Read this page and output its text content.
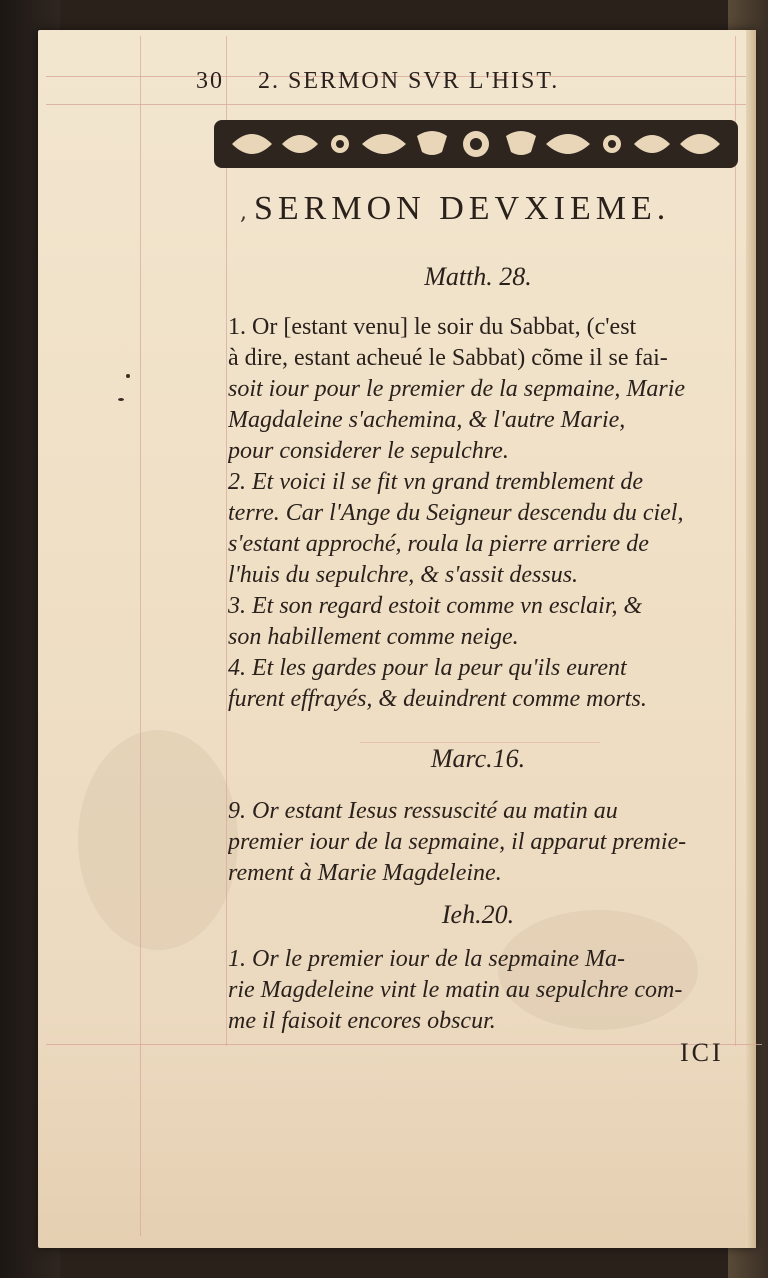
30 2. SERMON SVR L'HIST.
, SERMON DEVXIEME.
Matth. 28.
1. Or [estant venu] le soir du Sabbat, (c'est
à dire, estant acheué le Sabbat) cõme il se fai-
soit iour pour le premier de la sepmaine, Marie
Magdaleine s'achemina, & l'autre Marie,
pour considerer le sepulchre.
2. Et voici il se fit vn grand tremblement de
terre. Car l'Ange du Seigneur descendu du ciel,
s'estant approché, roula la pierre arriere de
l'huis du sepulchre, & s'assit dessus.
3. Et son regard estoit comme vn esclair, &
son habillement comme neige.
4. Et les gardes pour la peur qu'ils eurent
furent effrayés, & deuindrent comme morts.
Marc.16.
9. Or estant Iesus ressuscité au matin au
premier iour de la sepmaine, il apparut premie-
rement à Marie Magdeleine.
Ieh.20.
1. Or le premier iour de la sepmaine Ma-
rie Magdeleine vint le matin au sepulchre com-
me il faisoit encores obscur.
ICI
